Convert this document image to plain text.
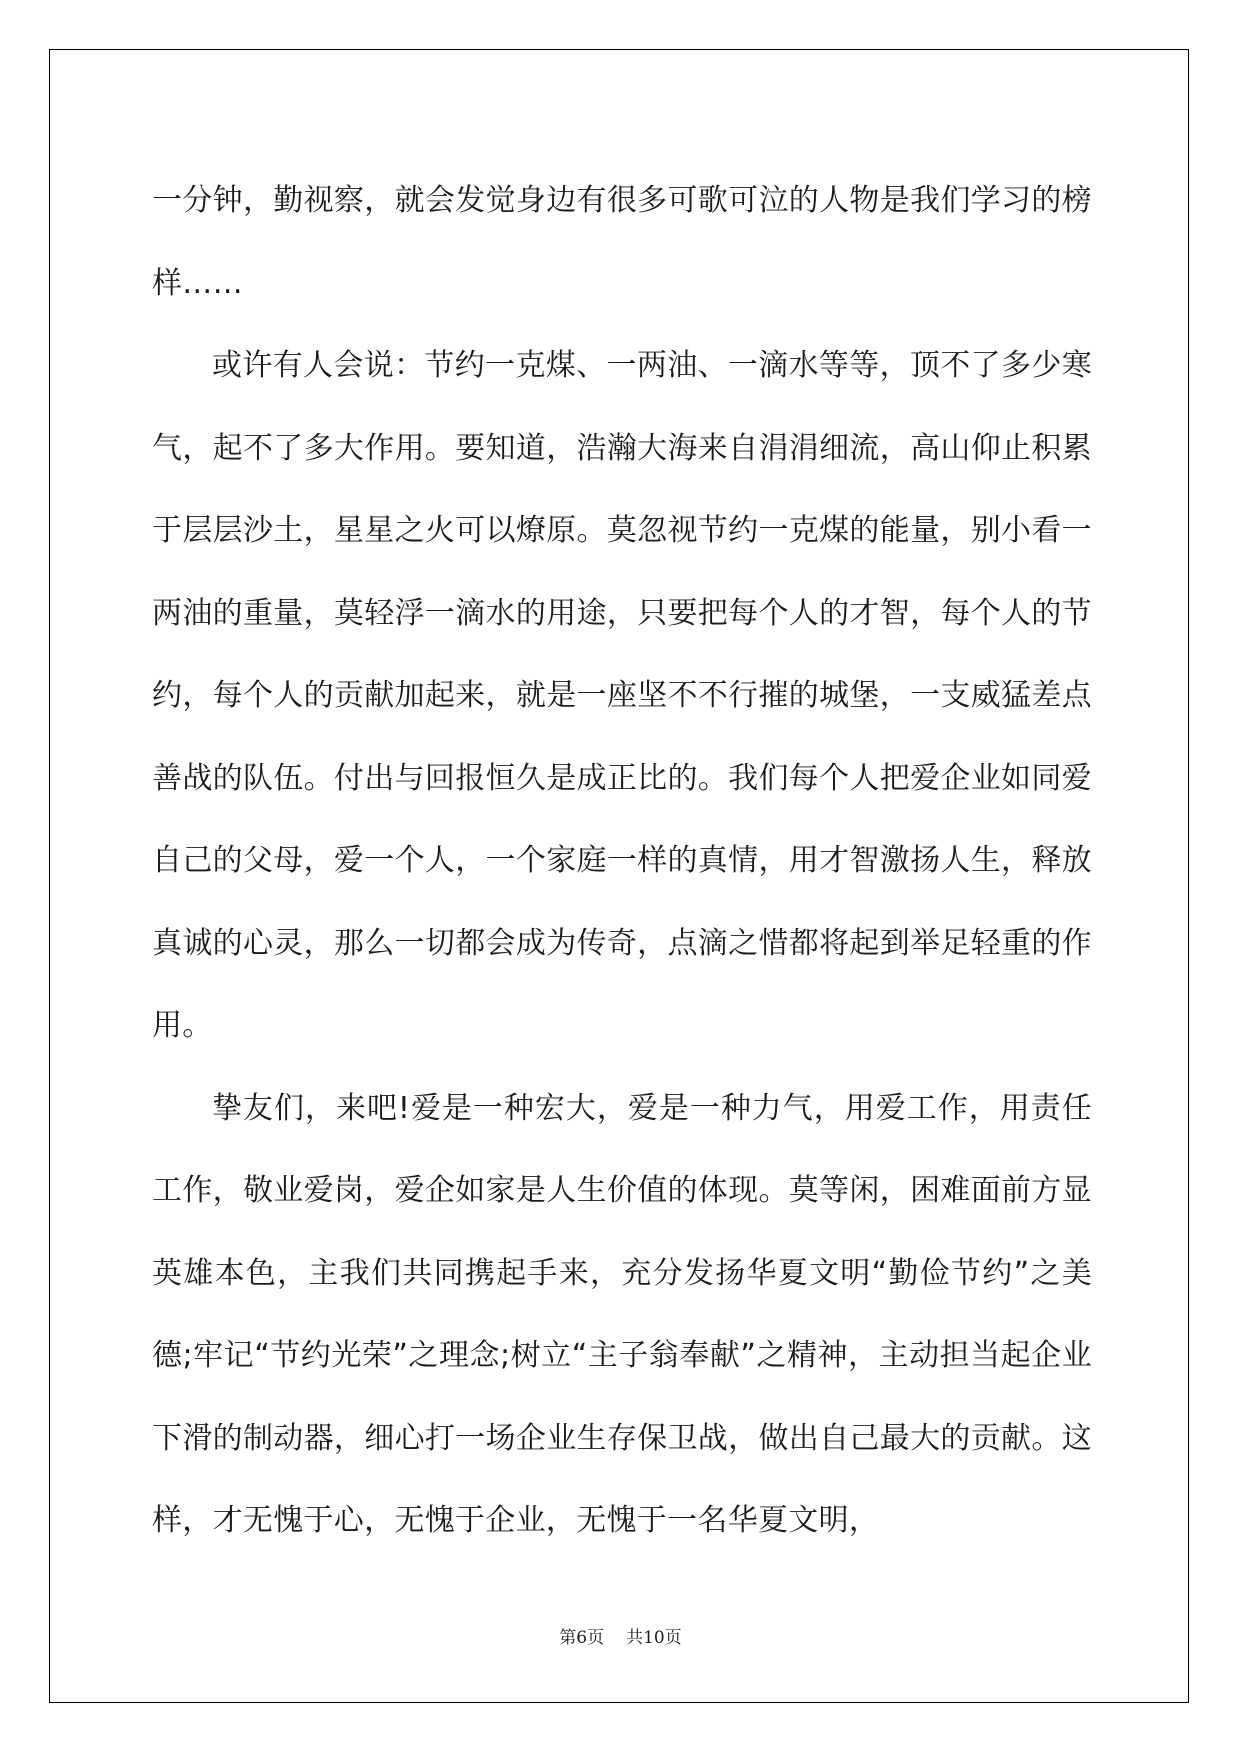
一分钟，勤视察，就会发觉身边有很多可歌可泣的人物是我们学习的榜样……

或许有人会说：节约一克煤、一两油、一滴水等等，顶不了多少寒气，起不了多大作用。要知道，浩瀚大海来自涓涓细流，高山仰止积累于层层沙土，星星之火可以燎原。莫忽视节约一克煤的能量，别小看一两油的重量，莫轻浮一滴水的用途，只要把每个人的才智，每个人的节约，每个人的贡献加起来，就是一座坚不不行摧的城堡，一支威猛差点善战的队伍。付出与回报恒久是成正比的。我们每个人把爱企业如同爱自己的父母，爱一个人，一个家庭一样的真情，用才智激扬人生，释放真诚的心灵，那么一切都会成为传奇，点滴之惜都将起到举足轻重的作用。

挚友们，来吧!爱是一种宏大，爱是一种力气，用爱工作，用责任工作，敬业爱岗，爱企如家是人生价值的体现。莫等闲，困难面前方显英雄本色，主我们共同携起手来，充分发扬华夏文明“勤俭节约”之美德;牢记“节约光荣”之理念;树立“主子翁奉献”之精神，主动担当起企业下滑的制动器，细心打一场企业生存保卫战，做出自己最大的贡献。这样，才无愧于心，无愧于企业，无愧于一名华夏文明，

第6页 共10页
